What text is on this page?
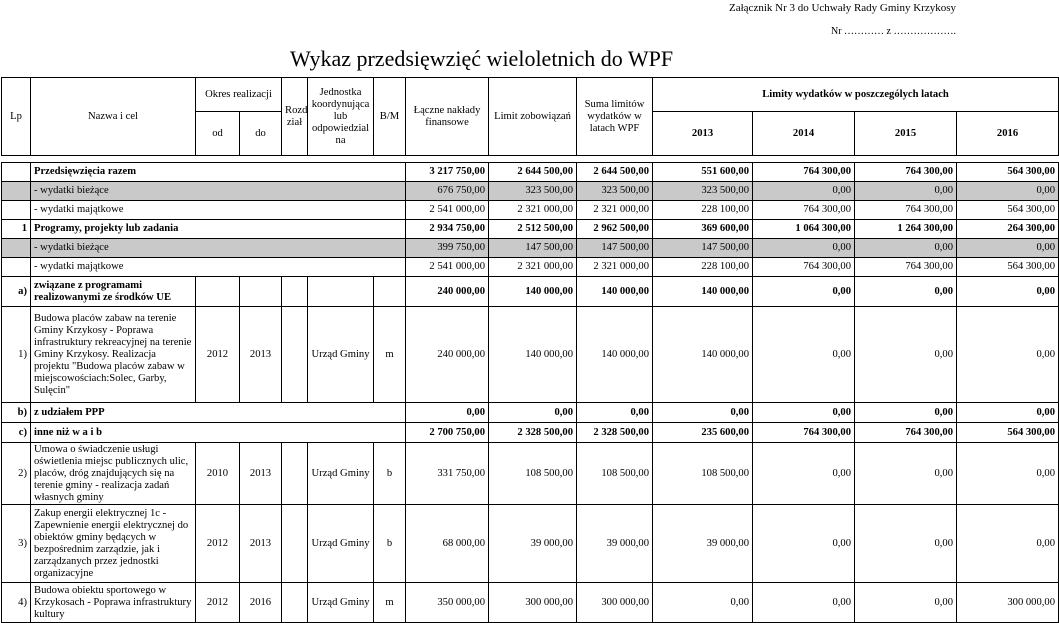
Załącznik Nr 3 do Uchwały Rady Gminy Krzykosy
Nr ………… z ……………….
Wykaz przedsięwzięć wieloletnich do WPF
Lp	Nazwa i cel	Okres realizacji		Rozd ział	Jednostka koordynująca lub odpowiedzial na	B/M	Łączne nakłady finansowe	Limit zobowiązań	Suma limitów wydatków w latach WPF	Limity wydatków w poszczególych latach			
		od	do							2013	2014	2015	2016

	Przedsięwzięcia razem						3 217 750,00	2 644 500,00	2 644 500,00	551 600,00	764 300,00	764 300,00	564 300,00
	- wydatki bieżące						676 750,00	323 500,00	323 500,00	323 500,00	0,00	0,00	0,00
	- wydatki majątkowe						2 541 000,00	2 321 000,00	2 321 000,00	228 100,00	764 300,00	764 300,00	564 300,00
1	Programy, projekty lub zadania						2 934 750,00	2 512 500,00	2 962 500,00	369 600,00	1 064 300,00	1 264 300,00	264 300,00
	- wydatki bieżące						399 750,00	147 500,00	147 500,00	147 500,00	0,00	0,00	0,00
	- wydatki majątkowe						2 541 000,00	2 321 000,00	2 321 000,00	228 100,00	764 300,00	764 300,00	564 300,00
a)	związane z programami realizowanymi ze środków UE						240 000,00	140 000,00	140 000,00	140 000,00	0,00	0,00	0,00
1)	Budowa placów zabaw na terenie Gminy Krzykosy - Poprawa infrastruktury rekreacyjnej na terenie Gminy Krzykosy. Realizacja projektu "Budowa placów zabaw w miejscowościach:Solec, Garby, Sulęcin"	2012	2013		Urząd Gminy	m	240 000,00	140 000,00	140 000,00	140 000,00	0,00	0,00	0,00
b)	z udziałem PPP						0,00	0,00	0,00	0,00	0,00	0,00	0,00
c)	inne niż w a i b						2 700 750,00	2 328 500,00	2 328 500,00	235 600,00	764 300,00	764 300,00	564 300,00
2)	Umowa o świadczenie usługi oświetlenia miejsc publicznych ulic, placów, dróg znajdujących się na terenie gminy - realizacja zadań własnych gminy	2010	2013		Urząd Gminy	b	331 750,00	108 500,00	108 500,00	108 500,00	0,00	0,00	0,00
3)	Zakup energii elektrycznej 1c - Zapewnienie energii elektrycznej do obiektów gminy będących w bezpośrednim zarządzie, jak i zarządzanych przez jednostki organizacyjne	2012	2013		Urząd Gminy	b	68 000,00	39 000,00	39 000,00	39 000,00	0,00	0,00	0,00
4)	Budowa obiektu sportowego w Krzykosach - Poprawa infrastruktury kultury	2012	2016		Urząd Gminy	m	350 000,00	300 000,00	300 000,00	0,00	0,00	0,00	300 000,00
